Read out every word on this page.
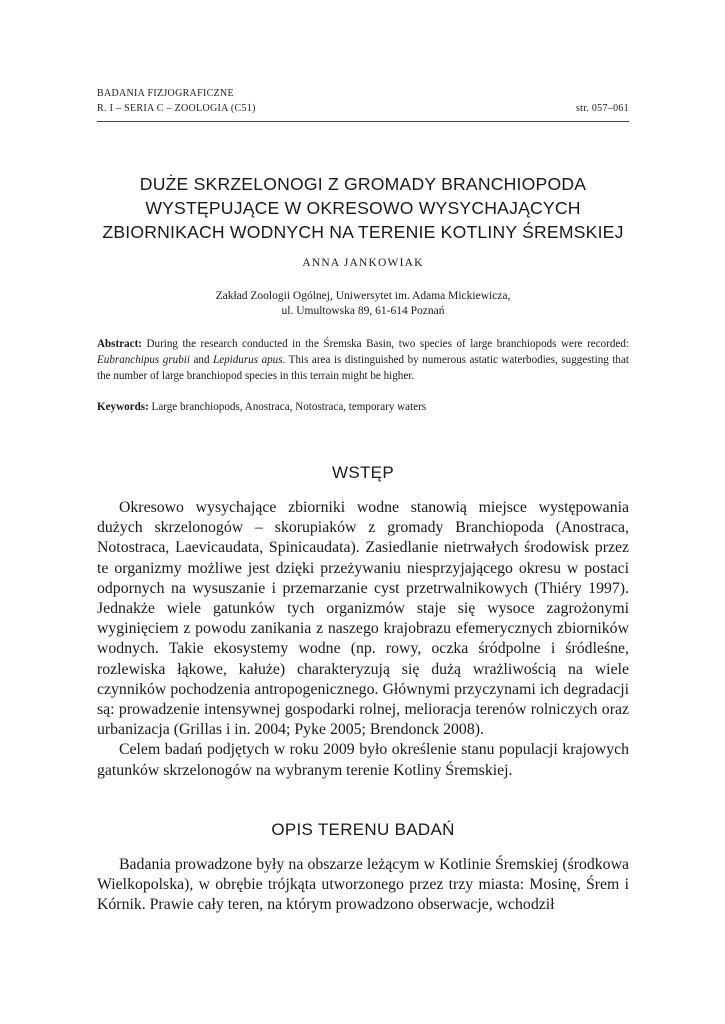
BADANIA FIZJOGRAFICZNE
R. I – SERIA C – ZOOLOGIA (C51)	str. 057–061
DUŻE SKRZELONOGI Z GROMADY BRANCHIOPODA
WYSTĘPUJĄCE W OKRESOWO WYSYCHAJĄCYCH
ZBIORNIKACH WODNYCH NA TERENIE KOTLINY ŚREMSKIEJ
ANNA JANKOWIAK
Zakład Zoologii Ogólnej, Uniwersytet im. Adama Mickiewicza,
ul. Umultowska 89, 61-614 Poznań
Abstract: During the research conducted in the Śremska Basin, two species of large branchiopods were recorded: Eubranchipus grubii and Lepidurus apus. This area is distinguished by numerous astatic waterbodies, suggesting that the number of large branchiopod species in this terrain might be higher.
Keywords: Large branchiopods, Anostraca, Notostraca, temporary waters
WSTĘP

Okresowo wysychające zbiorniki wodne stanowią miejsce występowania dużych skrzelonogów – skorupiaków z gromady Branchiopoda (Anostraca, Notostraca, Laevicaudata, Spinicaudata). Zasiedlanie nietrwałych środowisk przez te organizmy możliwe jest dzięki przeżywaniu niesprzyjającego okresu w postaci odpornych na wysuszanie i przemarzanie cyst przetrwalnikowych (Thiéry 1997). Jednakże wiele gatunków tych organizmów staje się wysoce zagrożonymi wyginięciem z powodu zanikania z naszego krajobrazu efemerycznych zbiorników wodnych. Takie ekosystemy wodne (np. rowy, oczka śródpolne i śródleśne, rozlewiska łąkowe, kałuże) charakteryzują się dużą wrażliwością na wiele czynników pochodzenia antropogenicznego. Głównymi przyczynami ich degradacji są: prowadzenie intensywnej gospodarki rolnej, melioracja terenów rolniczych oraz urbanizacja (Grillas i in. 2004; Pyke 2005; Brendonck 2008).

Celem badań podjętych w roku 2009 było określenie stanu populacji krajowych gatunków skrzelonogów na wybranym terenie Kotliny Śremskiej.

OPIS TERENU BADAŃ

Badania prowadzone były na obszarze leżącym w Kotlinie Śremskiej (środkowa Wielkopolska), w obrębie trójkąta utworzonego przez trzy miasta: Mosinę, Śrem i Kórnik. Prawie cały teren, na którym prowadzono obserwacje, wchodził
